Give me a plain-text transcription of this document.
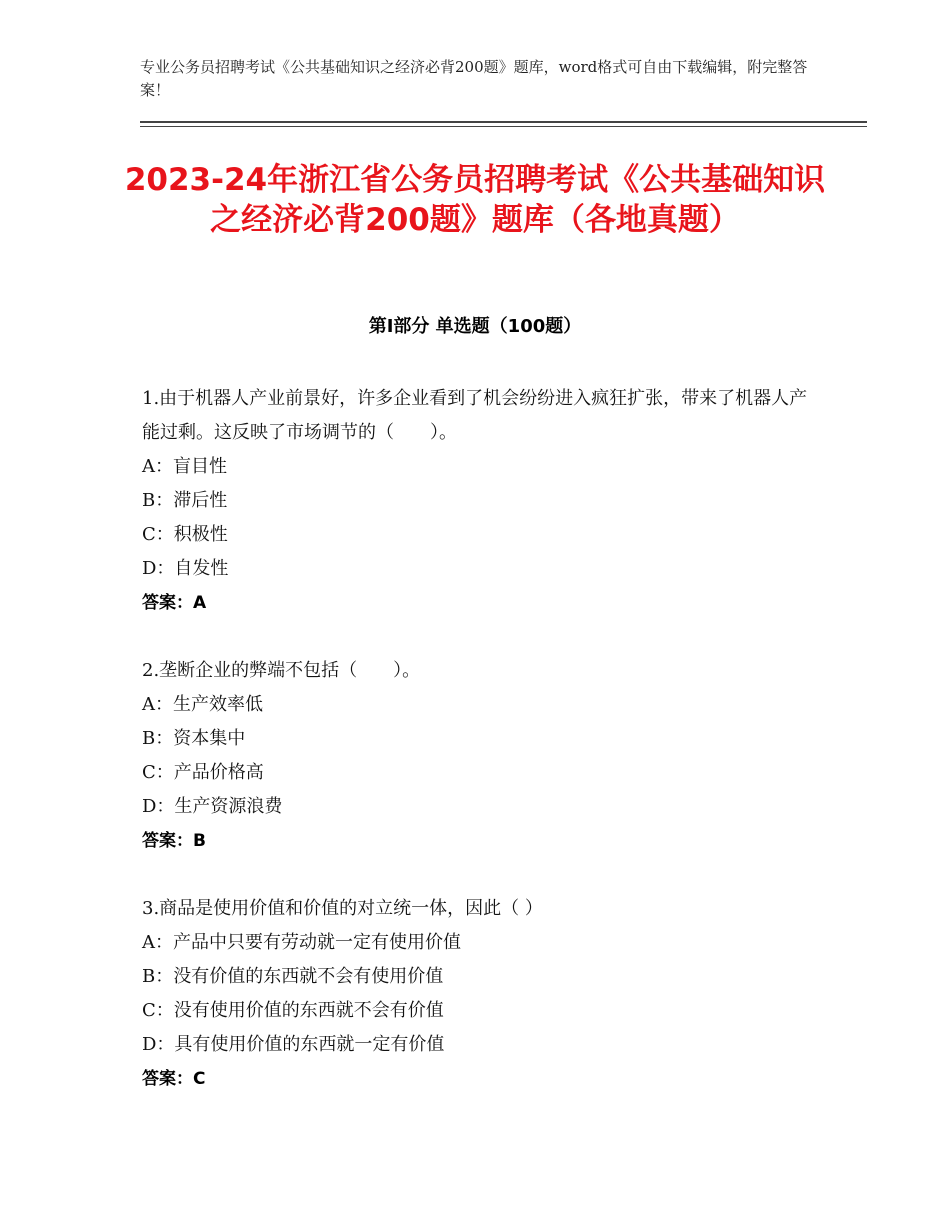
专业公务员招聘考试《公共基础知识之经济必背200题》题库，word格式可自由下载编辑，附完整答案！
2023-24年浙江省公务员招聘考试《公共基础知识之经济必背200题》题库（各地真题）
第Ⅰ部分 单选题（100题）
1.由于机器人产业前景好，许多企业看到了机会纷纷进入疯狂扩张，带来了机器人产能过剩。这反映了市场调节的（　　）。
A：盲目性
B：滞后性
C：积极性
D：自发性
答案：A
2.垄断企业的弊端不包括（　　）。
A：生产效率低
B：资本集中
C：产品价格高
D：生产资源浪费
答案：B
3.商品是使用价值和价值的对立统一体，因此（ ）
A：产品中只要有劳动就一定有使用价值
B：没有价值的东西就不会有使用价值
C：没有使用价值的东西就不会有价值
D：具有使用价值的东西就一定有价值
答案：C
